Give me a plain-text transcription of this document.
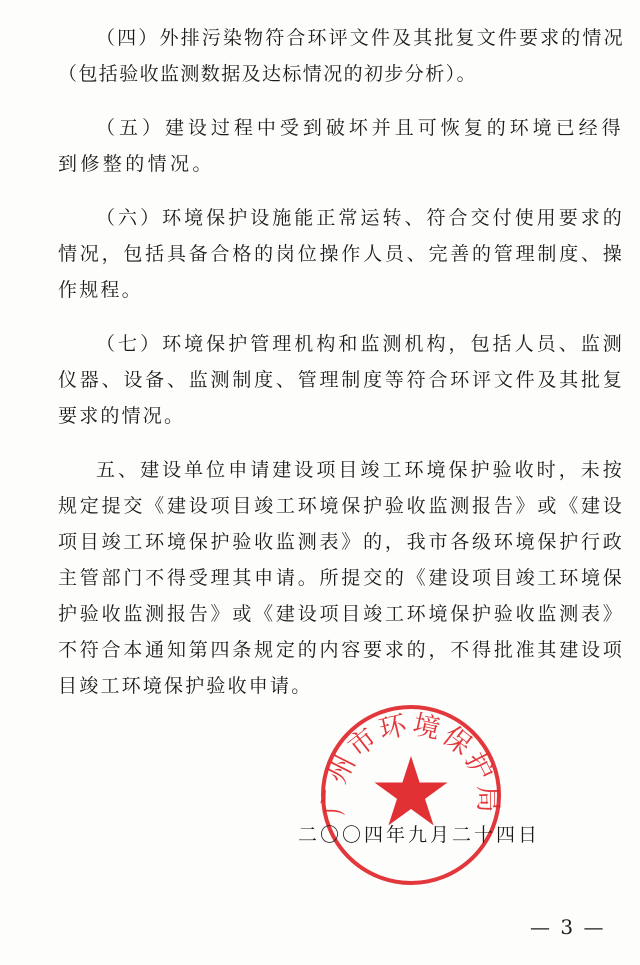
（四）外排污染物符合环评文件及其批复文件要求的情况（包括验收监测数据及达标情况的初步分析）。

（五）建设过程中受到破坏并且可恢复的环境已经得到修整的情况。

（六）环境保护设施能正常运转、符合交付使用要求的情况，包括具备合格的岗位操作人员、完善的管理制度、操作规程。

（七）环境保护管理机构和监测机构，包括人员、监测仪器、设备、监测制度、管理制度等符合环评文件及其批复要求的情况。

五、建设单位申请建设项目竣工环境保护验收时，未按规定提交《建设项目竣工环境保护验收监测报告》或《建设项目竣工环境保护验收监测表》的，我市各级环境保护行政主管部门不得受理其申请。所提交的《建设项目竣工环境保护验收监测报告》或《建设项目竣工环境保护验收监测表》不符合本通知第四条规定的内容要求的，不得批准其建设项目竣工环境保护验收申请。

广州市环境保护局
二〇〇四年九月二十四日
— 3 —
